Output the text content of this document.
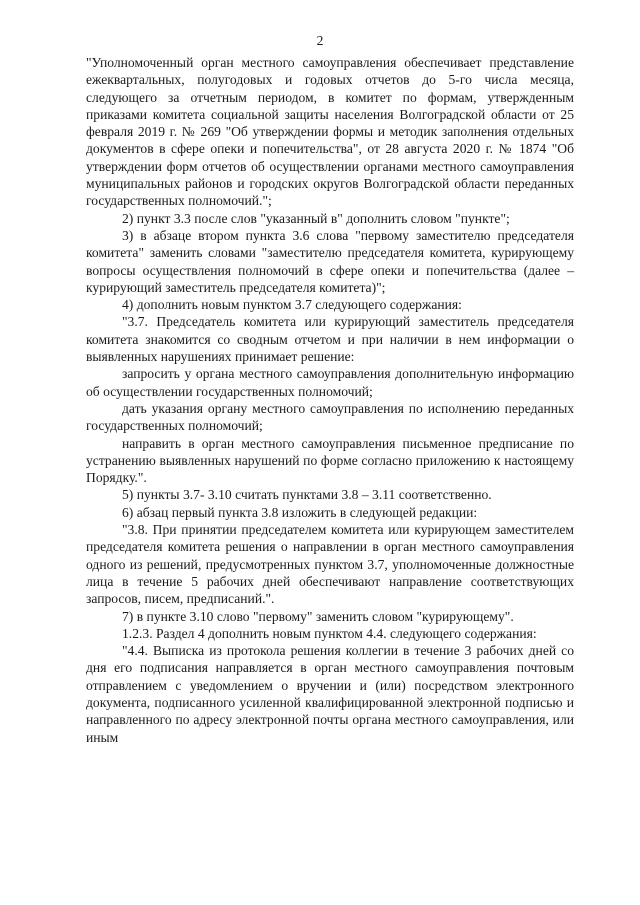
2

"Уполномоченный орган местного самоуправления обеспечивает представление ежеквартальных, полугодовых и годовых отчетов до 5-го числа месяца, следующего за отчетным периодом, в комитет по формам, утвержденным приказами комитета социальной защиты населения Волгоградской области от 25 февраля 2019 г. № 269 "Об утверждении формы и методик заполнения отдельных документов в сфере опеки и попечительства", от 28 августа 2020 г. № 1874 "Об утверждении форм отчетов об осуществлении органами местного самоуправления муниципальных районов и городских округов Волгоградской области переданных государственных полномочий.";

2) пункт 3.3 после слов "указанный в" дополнить словом "пункте";

3) в абзаце втором пункта 3.6 слова "первому заместителю председателя комитета" заменить словами "заместителю председателя комитета, курирующему вопросы осуществления полномочий в сфере опеки и попечительства (далее – курирующий заместитель председателя комитета)";

4) дополнить новым пунктом 3.7 следующего содержания:

"3.7. Председатель комитета или курирующий заместитель председателя комитета знакомится со сводным отчетом и при наличии в нем информации о выявленных нарушениях принимает решение:

запросить у органа местного самоуправления дополнительную информацию об осуществлении государственных полномочий;

дать указания органу местного самоуправления по исполнению переданных государственных полномочий;

направить в орган местного самоуправления письменное предписание по устранению выявленных нарушений по форме согласно приложению к настоящему Порядку.".

5) пункты 3.7- 3.10 считать пунктами 3.8 – 3.11 соответственно.

6) абзац первый пункта 3.8 изложить в следующей редакции:

"3.8. При принятии председателем комитета или курирующем заместителем председателя комитета решения о направлении в орган местного самоуправления одного из решений, предусмотренных пунктом 3.7, уполномоченные должностные лица в течение 5 рабочих дней обеспечивают направление соответствующих запросов, писем, предписаний.".

7) в пункте 3.10 слово "первому" заменить словом "курирующему".

1.2.3. Раздел 4 дополнить новым пунктом 4.4. следующего содержания:

"4.4. Выписка из протокола решения коллегии в течение 3 рабочих дней со дня его подписания направляется в орган местного самоуправления почтовым отправлением с уведомлением о вручении и (или) посредством электронного документа, подписанного усиленной квалифицированной электронной подписью и направленного по адресу электронной почты органа местного самоуправления, или иным
